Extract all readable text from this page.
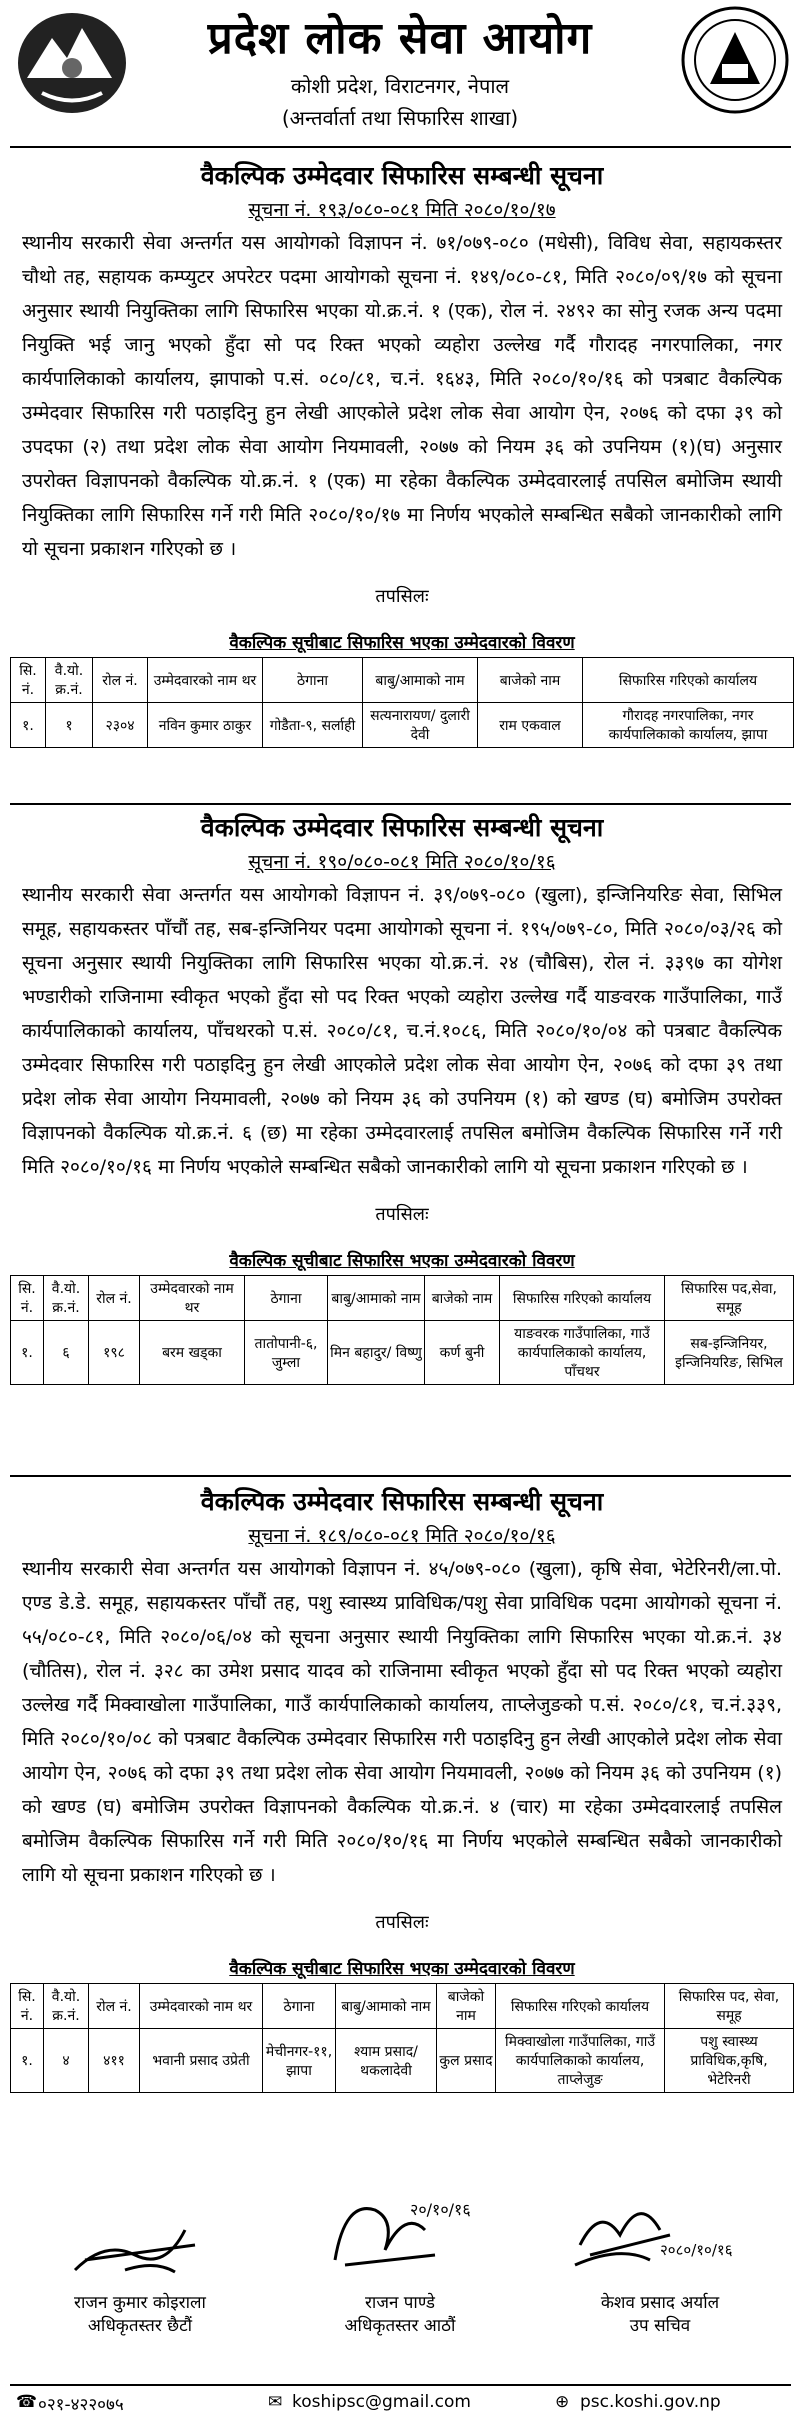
प्रदेश लोक सेवा आयोग
कोशी प्रदेश, विराटनगर, नेपाल
(अन्तर्वार्ता तथा सिफारिस शाखा)
वैकल्पिक उम्मेदवार सिफारिस सम्बन्धी सूचना
सूचना नं. १९३/०८०-०८१ मिति २०८०/१०/१७
स्थानीय सरकारी सेवा अन्तर्गत यस आयोगको विज्ञापन नं. ७१/०७९-०८० (मधेसी), विविध सेवा, सहायकस्तर चौथो तह, सहायक कम्प्युटर अपरेटर पदमा आयोगको सूचना नं. १४९/०८०-८१, मिति २०८०/०९/१७ को सूचना अनुसार स्थायी नियुक्तिका लागि सिफारिस भएका यो.क्र.नं. १ (एक), रोल नं. २४९२ का सोनु रजक अन्य पदमा नियुक्ति भई जानु भएको हुँदा सो पद रिक्त भएको व्यहोरा उल्लेख गर्दै गौरादह नगरपालिका, नगर कार्यपालिकाको कार्यालय, झापाको प.सं. ०८०/८१, च.नं. १६४३, मिति २०८०/१०/१६ को पत्रबाट वैकल्पिक उम्मेदवार सिफारिस गरी पठाइदिनु हुन लेखी आएकोले प्रदेश लोक सेवा आयोग ऐन, २०७६ को दफा ३९ को उपदफा (२) तथा प्रदेश लोक सेवा आयोग नियमावली, २०७७ को नियम ३६ को उपनियम (१)(घ) अनुसार उपरोक्त विज्ञापनको वैकल्पिक यो.क्र.नं. १ (एक) मा रहेका वैकल्पिक उम्मेदवारलाई तपसिल बमोजिम स्थायी नियुक्तिका लागि सिफारिस गर्ने गरी मिति २०८०/१०/१७ मा निर्णय भएकोले सम्बन्धित सबैको जानकारीको लागि यो सूचना प्रकाशन गरिएको छ ।
तपसिलः
वैकल्पिक सूचीबाट सिफारिस भएका उम्मेदवारको विवरण
सि. नं.	वै.यो. क्र.नं.	रोल नं.	उम्मेदवारको नाम थर	ठेगाना	बाबु/आमाको नाम	बाजेको नाम	सिफारिस गरिएको कार्यालय
१.	१	२३०४	नविन कुमार ठाकुर	गोडैता-९, सर्लाही	सत्यनारायण/ दुलारी देवी	राम एकवाल	गौरादह नगरपालिका, नगर कार्यपालिकाको कार्यालय, झापा
वैकल्पिक उम्मेदवार सिफारिस सम्बन्धी सूचना
सूचना नं. १९०/०८०-०८१ मिति २०८०/१०/१६
स्थानीय सरकारी सेवा अन्तर्गत यस आयोगको विज्ञापन नं. ३९/०७९-०८० (खुला), इन्जिनियरिङ सेवा, सिभिल समूह, सहायकस्तर पाँचौं तह, सब-इन्जिनियर पदमा आयोगको सूचना नं. १९५/०७९-८०, मिति २०८०/०३/२६ को सूचना अनुसार स्थायी नियुक्तिका लागि सिफारिस भएका यो.क्र.नं. २४ (चौबिस), रोल नं. ३३९७ का योगेश भण्डारीको राजिनामा स्वीकृत भएको हुँदा सो पद रिक्त भएको व्यहोरा उल्लेख गर्दै याङवरक गाउँपालिका, गाउँ कार्यपालिकाको कार्यालय, पाँचथरको प.सं. २०८०/८१, च.नं.१०८६, मिति २०८०/१०/०४ को पत्रबाट वैकल्पिक उम्मेदवार सिफारिस गरी पठाइदिनु हुन लेखी आएकोले प्रदेश लोक सेवा आयोग ऐन, २०७६ को दफा ३९ तथा प्रदेश लोक सेवा आयोग नियमावली, २०७७ को नियम ३६ को उपनियम (१) को खण्ड (घ) बमोजिम उपरोक्त विज्ञापनको वैकल्पिक यो.क्र.नं. ६ (छ) मा रहेका उम्मेदवारलाई तपसिल बमोजिम वैकल्पिक सिफारिस गर्ने गरी मिति २०८०/१०/१६ मा निर्णय भएकोले सम्बन्धित सबैको जानकारीको लागि यो सूचना प्रकाशन गरिएको छ ।
तपसिलः
वैकल्पिक सूचीबाट सिफारिस भएका उम्मेदवारको विवरण
सि. नं.	वै.यो. क्र.नं.	रोल नं.	उम्मेदवारको नाम थर	ठेगाना	बाबु/आमाको नाम	बाजेको नाम	सिफारिस गरिएको कार्यालय	सिफारिस पद,सेवा, समूह
१.	६	१९८	बरम खड्का	तातोपानी-६, जुम्ला	मिन बहादुर/ विष्णु	कर्ण बुनी	याङवरक गाउँपालिका, गाउँ कार्यपालिकाको कार्यालय, पाँचथर	सब-इन्जिनियर, इन्जिनियरिङ, सिभिल
वैकल्पिक उम्मेदवार सिफारिस सम्बन्धी सूचना
सूचना नं. १८९/०८०-०८१ मिति २०८०/१०/१६
स्थानीय सरकारी सेवा अन्तर्गत यस आयोगको विज्ञापन नं. ४५/०७९-०८० (खुला), कृषि सेवा, भेटेरिनरी/ला.पो. एण्ड डे.डे. समूह, सहायकस्तर पाँचौं तह, पशु स्वास्थ्य प्राविधिक/पशु सेवा प्राविधिक पदमा आयोगको सूचना नं. ५५/०८०-८१, मिति २०८०/०६/०४ को सूचना अनुसार स्थायी नियुक्तिका लागि सिफारिस भएका यो.क्र.नं. ३४ (चौतिस), रोल नं. ३२८ का उमेश प्रसाद यादव को राजिनामा स्वीकृत भएको हुँदा सो पद रिक्त भएको व्यहोरा उल्लेख गर्दै मिक्वाखोला गाउँपालिका, गाउँ कार्यपालिकाको कार्यालय, ताप्लेजुङको प.सं. २०८०/८१, च.नं.३३९, मिति २०८०/१०/०८ को पत्रबाट वैकल्पिक उम्मेदवार सिफारिस गरी पठाइदिनु हुन लेखी आएकोले प्रदेश लोक सेवा आयोग ऐन, २०७६ को दफा ३९ तथा प्रदेश लोक सेवा आयोग नियमावली, २०७७ को नियम ३६ को उपनियम (१) को खण्ड (घ) बमोजिम उपरोक्त विज्ञापनको वैकल्पिक यो.क्र.नं. ४ (चार) मा रहेका उम्मेदवारलाई तपसिल बमोजिम वैकल्पिक सिफारिस गर्ने गरी मिति २०८०/१०/१६ मा निर्णय भएकोले सम्बन्धित सबैको जानकारीको लागि यो सूचना प्रकाशन गरिएको छ ।
तपसिलः
वैकल्पिक सूचीबाट सिफारिस भएका उम्मेदवारको विवरण
सि. नं.	वै.यो. क्र.नं.	रोल नं.	उम्मेदवारको नाम थर	ठेगाना	बाबु/आमाको नाम	बाजेको नाम	सिफारिस गरिएको कार्यालय	सिफारिस पद, सेवा, समूह
१.	४	४११	भवानी प्रसाद उप्रेती	मेचीनगर-११, झापा	श्याम प्रसाद/ थकलादेवी	कुल प्रसाद	मिक्वाखोला गाउँपालिका, गाउँ कार्यपालिकाको कार्यालय, ताप्लेजुङ	पशु स्वास्थ्य प्राविधिक,कृषि, भेटेरिनरी
राजन कुमार कोइराला
अधिकृतस्तर छैटौं
२०/१०/१६
राजन पाण्डे
अधिकृतस्तर आठौं
२०८०/१०/१६
केशव प्रसाद अर्याल
उप सचिव
☎ ०२१-४२२०७५	✉ koshipsc@gmail.com	⊕ psc.koshi.gov.np
